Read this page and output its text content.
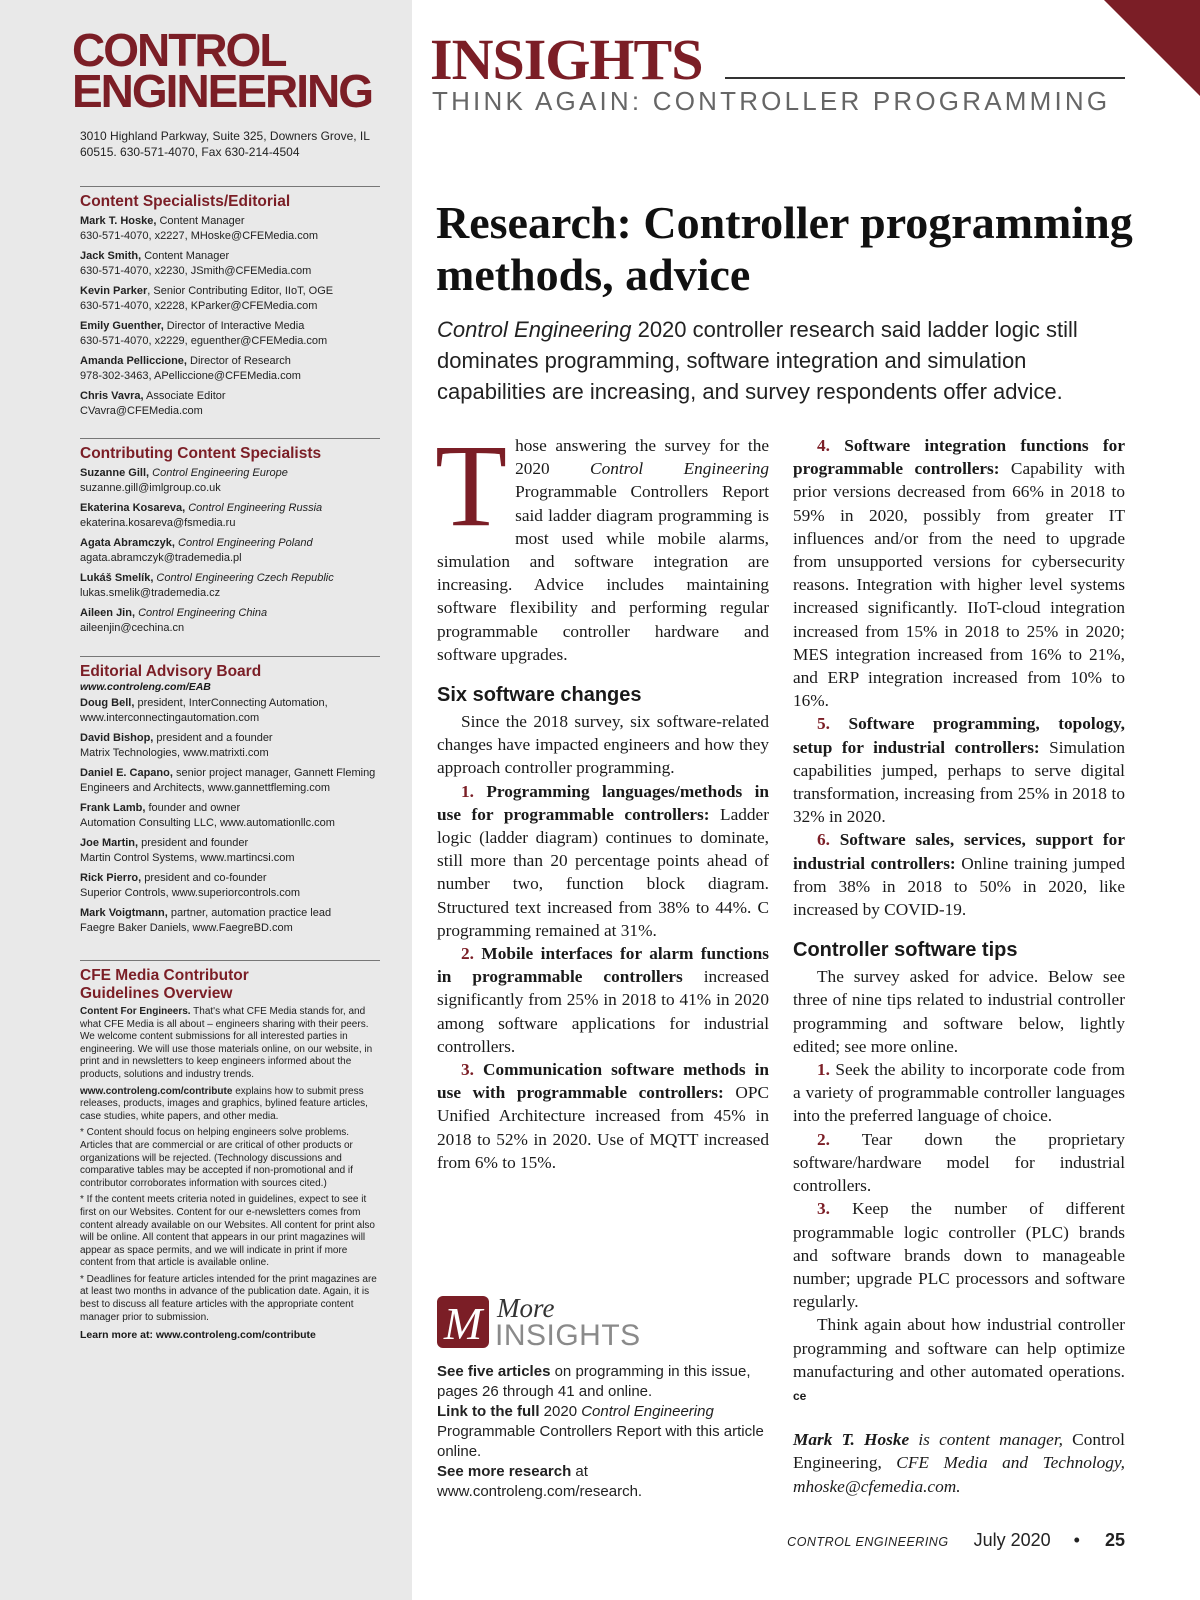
CONTROL
ENGINEERING
3010 Highland Parkway, Suite 325, Downers Grove, IL 60515. 630-571-4070, Fax 630-214-4504
Content Specialists/Editorial
Mark T. Hoske, Content Manager
630-571-4070, x2227, MHoske@CFEMedia.com
Jack Smith, Content Manager
630-571-4070, x2230, JSmith@CFEMedia.com
Kevin Parker, Senior Contributing Editor, IIoT, OGE
630-571-4070, x2228, KParker@CFEMedia.com
Emily Guenther, Director of Interactive Media
630-571-4070, x2229, eguenther@CFEMedia.com
Amanda Pelliccione, Director of Research
978-302-3463, APelliccione@CFEMedia.com
Chris Vavra, Associate Editor
CVavra@CFEMedia.com
Contributing Content Specialists
Suzanne Gill, Control Engineering Europe
suzanne.gill@imlgroup.co.uk
Ekaterina Kosareva, Control Engineering Russia
ekaterina.kosareva@fsmedia.ru
Agata Abramczyk, Control Engineering Poland
agata.abramczyk@trademedia.pl
Lukáš Smelík, Control Engineering Czech Republic
lukas.smelik@trademedia.cz
Aileen Jin, Control Engineering China
aileenjin@cechina.cn
Editorial Advisory Board
www.controleng.com/EAB
Doug Bell, president, InterConnecting Automation,
www.interconnectingautomation.com
David Bishop, president and a founder
Matrix Technologies, www.matrixti.com
Daniel E. Capano, senior project manager, Gannett Fleming
Engineers and Architects, www.gannettfleming.com
Frank Lamb, founder and owner
Automation Consulting LLC, www.automationllc.com
Joe Martin, president and founder
Martin Control Systems, www.martincsi.com
Rick Pierro, president and co-founder
Superior Controls, www.superiorcontrols.com
Mark Voigtmann, partner, automation practice lead
Faegre Baker Daniels, www.FaegreBD.com
CFE Media Contributor
Guidelines Overview
Content For Engineers. That's what CFE Media stands for, and what CFE Media is all about – engineers sharing with their peers. We welcome content submissions for all interested parties in engineering. We will use those materials online, on our website, in print and in newsletters to keep engineers informed about the products, solutions and industry trends.
www.controleng.com/contribute explains how to submit press releases, products, images and graphics, bylined feature articles, case studies, white papers, and other media.
* Content should focus on helping engineers solve problems. Articles that are commercial or are critical of other products or organizations will be rejected. (Technology discussions and comparative tables may be accepted if non-promotional and if contributor corroborates information with sources cited.)
* If the content meets criteria noted in guidelines, expect to see it first on our Websites. Content for our e-newsletters comes from content already available on our Websites. All content for print also will be online. All content that appears in our print magazines will appear as space permits, and we will indicate in print if more content from that article is available online.
* Deadlines for feature articles intended for the print magazines are at least two months in advance of the publication date. Again, it is best to discuss all feature articles with the appropriate content manager prior to submission.
Learn more at: www.controleng.com/contribute
INSIGHTS
THINK AGAIN: CONTROLLER PROGRAMMING
Research: Controller programming methods, advice
Control Engineering 2020 controller research said ladder logic still dominates programming, software integration and simulation capabilities are increasing, and survey respondents offer advice.

Those answering the survey for the 2020 Control Engineering Programmable Controllers Report said ladder diagram programming is most used while mobile alarms, simulation and software integration are increasing. Advice includes maintaining software flexibility and performing regular programmable controller hardware and software upgrades.

Six software changes

Since the 2018 survey, six software-related changes have impacted engineers and how they approach controller programming.

1. Programming languages/methods in use for programmable controllers: Ladder logic (ladder diagram) continues to dominate, still more than 20 percentage points ahead of number two, function block diagram. Structured text increased from 38% to 44%. C programming remained at 31%.

2. Mobile interfaces for alarm functions in programmable controllers increased significantly from 25% in 2018 to 41% in 2020 among software applications for industrial controllers.

3. Communication software methods in use with programmable controllers: OPC Unified Architecture increased from 45% in 2018 to 52% in 2020. Use of MQTT increased from 6% to 15%.

M More
INSIGHTS

See five articles on programming in this issue, pages 26 through 41 and online.

Link to the full 2020 Control Engineering Programmable Controllers Report with this article online.

See more research at www.controleng.com/research.

4. Software integration functions for programmable controllers: Capability with prior versions decreased from 66% in 2018 to 59% in 2020, possibly from greater IT influences and/or from the need to upgrade from unsupported versions for cybersecurity reasons. Integration with higher level systems increased significantly. IIoT-cloud integration increased from 15% in 2018 to 25% in 2020; MES integration increased from 16% to 21%, and ERP integration increased from 10% to 16%.

5. Software programming, topology, setup for industrial controllers: Simulation capabilities jumped, perhaps to serve digital transformation, increasing from 25% in 2018 to 32% in 2020.

6. Software sales, services, support for industrial controllers: Online training jumped from 38% in 2018 to 50% in 2020, like increased by COVID-19.

Controller software tips

The survey asked for advice. Below see three of nine tips related to industrial controller programming and software below, lightly edited; see more online.

1. Seek the ability to incorporate code from a variety of programmable controller languages into the preferred language of choice.

2. Tear down the proprietary software/hardware model for industrial controllers.

3. Keep the number of different programmable logic controller (PLC) brands and software brands down to manageable number; upgrade PLC processors and software regularly.

Think again about how industrial controller programming and software can help optimize manufacturing and other automated operations. ce

Mark T. Hoske is content manager, Control Engineering, CFE Media and Technology, mhoske@cfemedia.com.

CONTROL ENGINEERING July 2020 • 25
